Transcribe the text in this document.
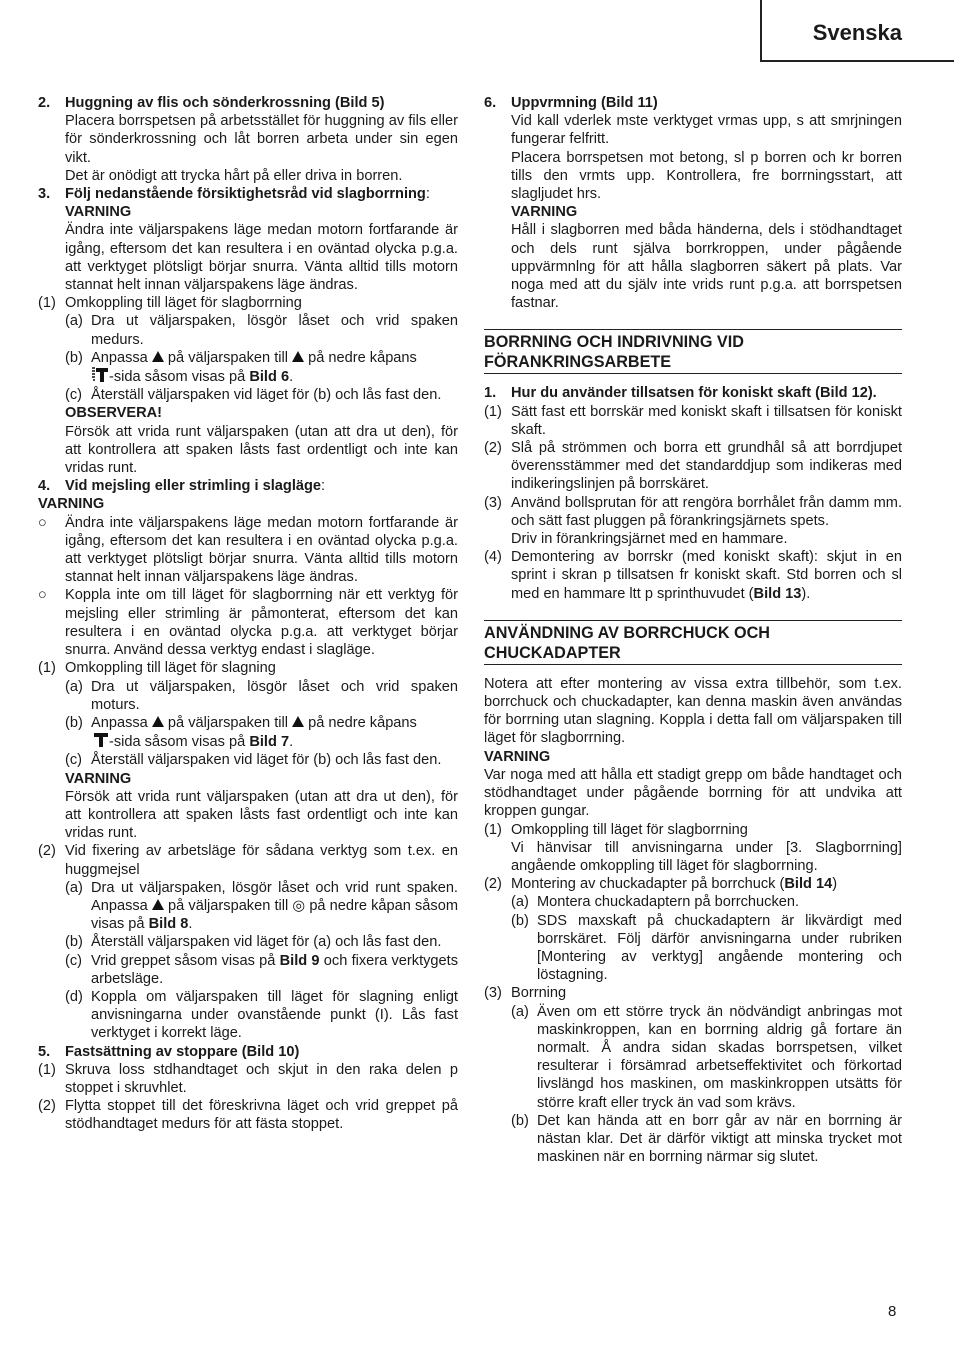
Svenska
2.	Huggning av flis och sönderkrossning (Bild 5)

Placera borrspetsen på arbetsstället för huggning av fils eller för sönderkrossning och låt borren arbeta under sin egen vikt.

Det är onödigt att trycka hårt på eller driva in borren.

3.	Följ nedanstående försiktighetsråd vid slagborrning:

VARNING

Ändra inte väljarspakens läge medan motorn fortfarande är igång, eftersom det kan resultera i en oväntad olycka p.g.a. att verktyget plötsligt börjar snurra. Vänta alltid tills motorn stannat helt innan väljarspakens läge ändras.

(1) Omkoppling till läget för slagborrning
(a) Dra ut väljarspaken, lösgör låset och vrid spaken medurs.
(b) Anpassa på väljarspaken till på nedre kåpans
-sida såsom visas på Bild 6.
(c) Återställ väljarspaken vid läget för (b) och lås fast den.

OBSERVERA!

Försök att vrida runt väljarspaken (utan att dra ut den), för att kontrollera att spaken låsts fast ordentligt och inte kan vridas runt.

4.	Vid mejsling eller strimling i slagläge:

VARNING

○	Ändra inte väljarspakens läge medan motorn fortfarande är igång, eftersom det kan resultera i en oväntad olycka p.g.a. att verktyget plötsligt börjar snurra. Vänta alltid tills motorn stannat helt innan väljarspakens läge ändras.
○	Koppla inte om till läget för slagborrning när ett verktyg för mejsling eller strimling är påmonterat, eftersom det kan resultera i en oväntad olycka p.g.a. att verktyget börjar snurra. Använd dessa verktyg endast i slagläge.
(1) Omkoppling till läget för slagning
(a) Dra ut väljarspaken, lösgör låset och vrid spaken moturs.
(b) Anpassa på väljarspaken till på nedre kåpans
-sida såsom visas på Bild 7.
(c) Återställ väljarspaken vid läget för (b) och lås fast den.

VARNING

Försök att vrida runt väljarspaken (utan att dra ut den), för att kontrollera att spaken låsts fast ordentligt och inte kan vridas runt.

(2) Vid fixering av arbetsläge för sådana verktyg som t.ex. en huggmejsel
(a) Dra ut väljarspaken, lösgör låset och vrid runt spaken. Anpassa på väljarspaken till ◎ på nedre kåpan såsom visas på Bild 8.
(b) Återställ väljarspaken vid läget för (a) och lås fast den.
(c) Vrid greppet såsom visas på Bild 9 och fixera verktygets arbetsläge.
(d) Koppla om väljarspaken till läget för slagning enligt anvisningarna under ovanstående punkt (I). Lås fast verktyget i korrekt läge.
5.	Fastsättning av stoppare (Bild 10)
(1) Skruva loss stdhandtaget och skjut in den raka delen p stoppet i skruvhlet.
(2) Flytta stoppet till det föreskrivna läget och vrid greppet på stödhandtaget medurs för att fästa stoppet.
6.	Uppvrmning (Bild 11)

Vid kall vderlek mste verktyget vrmas upp, s att smrjningen fungerar felfritt.

Placera borrspetsen mot betong, sl p borren och kr borren tills den vrmts upp. Kontrollera, fre borrningsstart, att slagljudet hrs.

VARNING

Håll i slagborren med båda händerna, dels i stödhandtaget och dels runt själva borrkroppen, under pågående uppvärmnlng för att hålla slagborren säkert på plats. Var noga med att du själv inte vrids runt p.g.a. att borrspetsen fastnar.

BORRNING OCH INDRIVNING VID FÖRANKRINGSARBETE
1.	Hur du använder tillsatsen för koniskt skaft (Bild 12).
(1) Sätt fast ett borrskär med koniskt skaft i tillsatsen för koniskt skaft.
(2) Slå på strömmen och borra ett grundhål så att borrdjupet överensstämmer med det standarddjup som indikeras med indikeringslinjen på borrskäret.
(3) Använd bollsprutan för att rengöra borrhålet från damm mm. och sätt fast pluggen på förankringsjärnets spets.

Driv in förankringsjärnet med en hammare.

(4) Demontering av borrskr (med koniskt skaft): skjut in en sprint i skran p tillsatsen fr koniskt skaft. Std borren och sl med en hammare ltt p sprinthuvudet (Bild 13).
ANVÄNDNING AV BORRCHUCK OCH CHUCKADAPTER

Notera att efter montering av vissa extra tillbehör, som t.ex. borrchuck och chuckadapter, kan denna maskin även användas för borrning utan slagning. Koppla i detta fall om väljarspaken till läget för slagborrning.

VARNING

Var noga med att hålla ett stadigt grepp om både handtaget och stödhandtaget under pågående borrning för att undvika att kroppen gungar.

(1) Omkoppling till läget för slagborrning

Vi hänvisar till anvisningarna under [3. Slagborrning] angående omkoppling till läget för slagborrning.

(2) Montering av chuckadapter på borrchuck (Bild 14)
(a) Montera chuckadaptern på borrchucken.
(b) SDS maxskaft på chuckadaptern är likvärdigt med borrskäret. Följ därför anvisningarna under rubriken [Montering av verktyg] angående montering och löstagning.
(3) Borrning
(a) Även om ett större tryck än nödvändigt anbringas mot maskinkroppen, kan en borrning aldrig gå fortare än normalt. Å andra sidan skadas borrspetsen, vilket resulterar i försämrad arbetseffektivitet och förkortad livslängd hos maskinen, om maskinkroppen utsätts för större kraft eller tryck än vad som krävs.
(b) Det kan hända att en borr går av när en borrning är nästan klar. Det är därför viktigt att minska trycket mot maskinen när en borrning närmar sig slutet.
8
